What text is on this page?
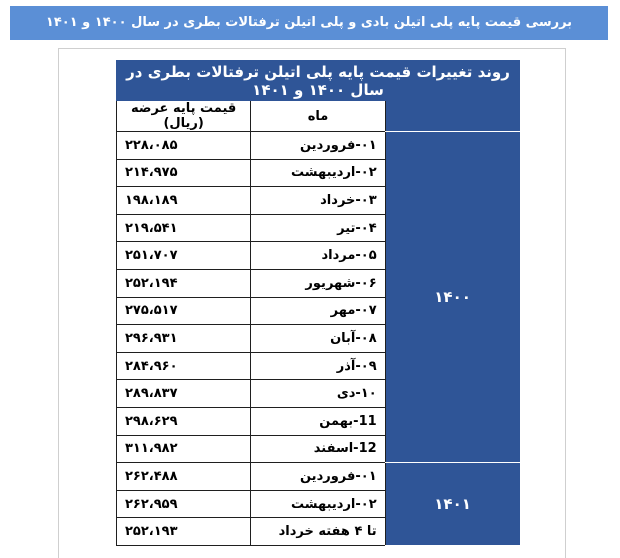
بررسی قیمت پایه پلی اتیلن بادی و پلی اتیلن ترفتالات بطری در سال ۱۴۰۰ و ۱۴۰۱
روند تغییرات قیمت پایه پلی اتیلن ترفتالات بطری در سال ۱۴۰۰ و ۱۴۰۱		
	ماه	قیمت پایه عرضه (ریال)
۱۴۰۰	۰۱-فروردین	۲۲۸،۰۸۵
	۰۲-اردیبهشت	۲۱۴،۹۷۵
	۰۳-خرداد	۱۹۸،۱۸۹
	۰۴-تیر	۲۱۹،۵۴۱
	۰۵-مرداد	۲۵۱،۷۰۷
	۰۶-شهریور	۲۵۲،۱۹۴
	۰۷-مهر	۲۷۵،۵۱۷
	۰۸-آبان	۲۹۶،۹۳۱
	۰۹-آذر	۲۸۴،۹۶۰
	۱۰-دی	۲۸۹،۸۳۷
	11-بهمن	۲۹۸،۶۲۹
	12-اسفند	۳۱۱،۹۸۲
۱۴۰۱	۰۱-فروردین	۲۶۲،۴۸۸
	۰۲-اردیبهشت	۲۶۲،۹۵۹
	تا ۴ هفته خرداد	۲۵۲،۱۹۳
